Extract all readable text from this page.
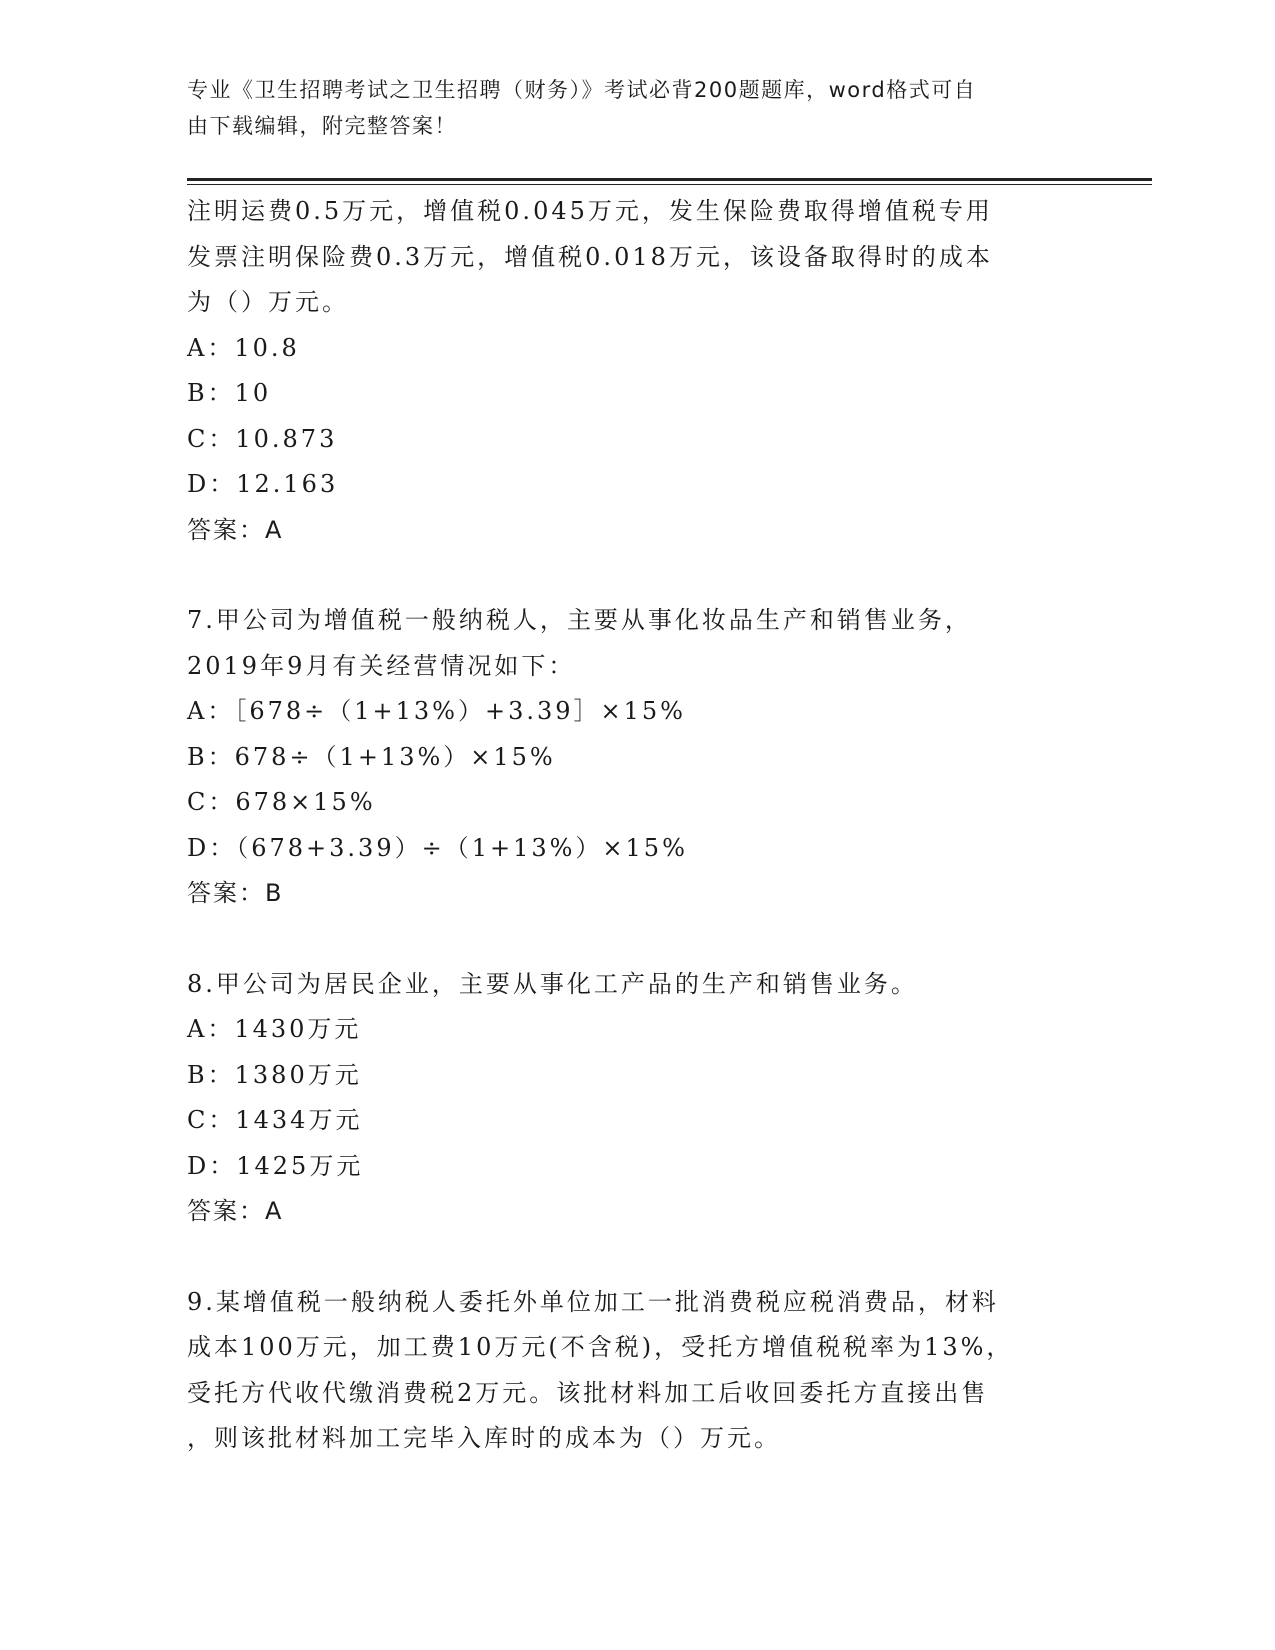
专业《卫生招聘考试之卫生招聘（财务）》考试必背200题题库，word格式可自
由下载编辑，附完整答案！
注明运费0.5万元，增值税0.045万元，发生保险费取得增值税专用
发票注明保险费0.3万元，增值税0.018万元，该设备取得时的成本
为（）万元。
A：10.8
B：10
C：10.873
D：12.163
答案：A
7.甲公司为增值税一般纳税人，主要从事化妆品生产和销售业务，
2019年9月有关经营情况如下：
A：［678÷（1+13%）+3.39］×15%
B：678÷（1+13%）×15%
C：678×15%
D：（678+3.39）÷（1+13%）×15%
答案：B
8.甲公司为居民企业，主要从事化工产品的生产和销售业务。
A：1430万元
B：1380万元
C：1434万元
D：1425万元
答案：A
9.某增值税一般纳税人委托外单位加工一批消费税应税消费品，材料
成本100万元，加工费10万元(不含税)，受托方增值税税率为13%，
受托方代收代缴消费税2万元。该批材料加工后收回委托方直接出售
，则该批材料加工完毕入库时的成本为（）万元。
